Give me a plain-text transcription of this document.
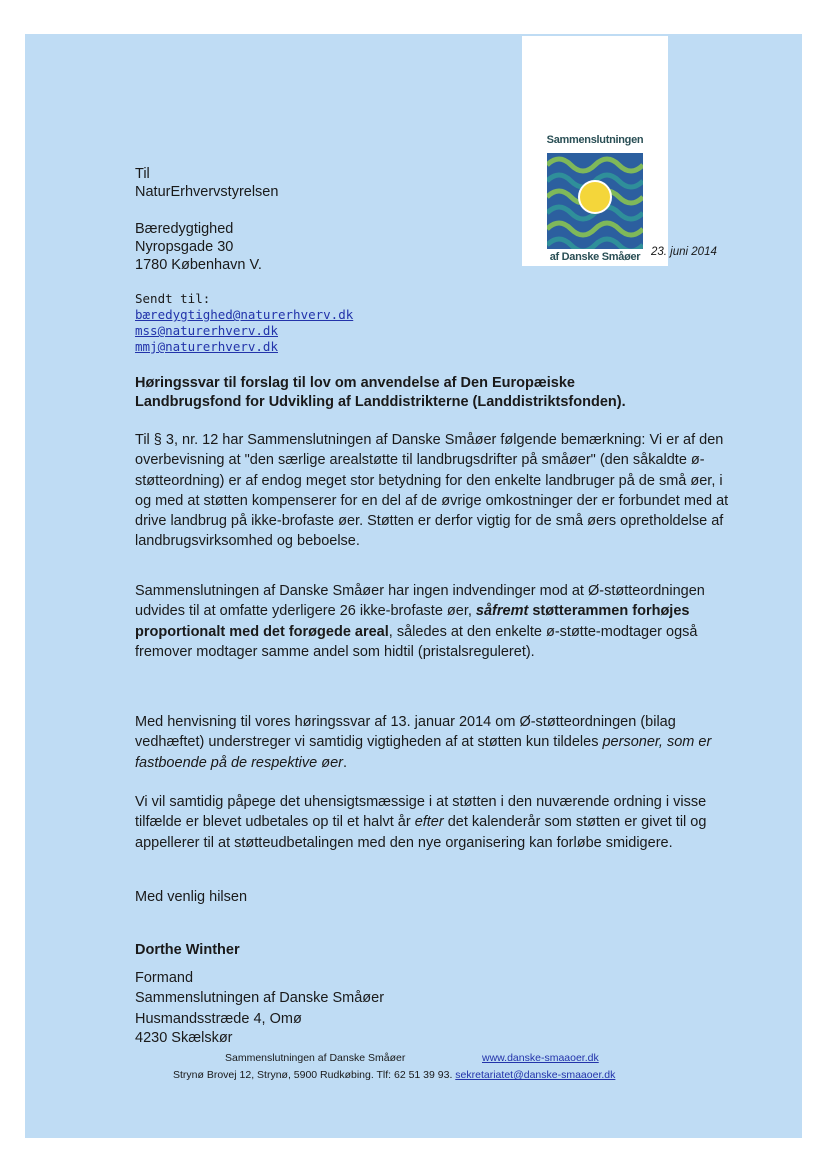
Sammenslutningen
af Danske Småøer
Til
NaturErhvervstyrelsen
Bæredygtighed
Nyropsgade 30
1780 København V.
23. juni 2014
Sendt til:
bæredygtighed@naturerhverv.dk
mss@naturerhverv.dk
mmj@naturerhverv.dk
Høringssvar til forslag til lov om anvendelse af Den Europæiske
Landbrugsfond for Udvikling af Landdistrikterne (Landdistriktsfonden).
Til § 3, nr. 12 har Sammenslutningen af Danske Småøer følgende bemærkning: Vi er af den overbevisning at "den særlige arealstøtte til landbrugsdrifter på småøer" (den såkaldte ø-støtteordning) er af endog meget stor betydning for den enkelte landbruger på de små øer, i og med at støtten kompenserer for en del af de øvrige omkostninger der er forbundet med at drive landbrug på ikke-brofaste øer. Støtten er derfor vigtig for de små øers opretholdelse af landbrugsvirksomhed og beboelse.
Sammenslutningen af Danske Småøer har ingen indvendinger mod at Ø-støtteordningen udvides til at omfatte yderligere 26 ikke-brofaste øer, såfremt støtterammen forhøjes proportionalt med det forøgede areal, således at den enkelte ø-støtte-modtager også fremover modtager samme andel som hidtil (pristalsreguleret).
Med henvisning til vores høringssvar af 13. januar 2014 om Ø-støtteordningen (bilag vedhæftet) understreger vi samtidig vigtigheden af at støtten kun tildeles personer, som er fastboende på de respektive øer.
Vi vil samtidig påpege det uhensigtsmæssige i at støtten i den nuværende ordning i visse tilfælde er blevet udbetales op til et halvt år efter det kalenderår som støtten er givet til og appellerer til at støtteudbetalingen med den nye organisering kan forløbe smidigere.
Med venlig hilsen
Dorthe Winther
Formand
Sammenslutningen af Danske Småøer
Husmandsstræde 4, Omø
4230 Skælskør
Sammenslutningen af Danske Småøer	www.danske-smaaoer.dk
Strynø Brovej 12, Strynø, 5900 Rudkøbing. Tlf: 62 51 39 93. sekretariatet@danske-smaaoer.dk
